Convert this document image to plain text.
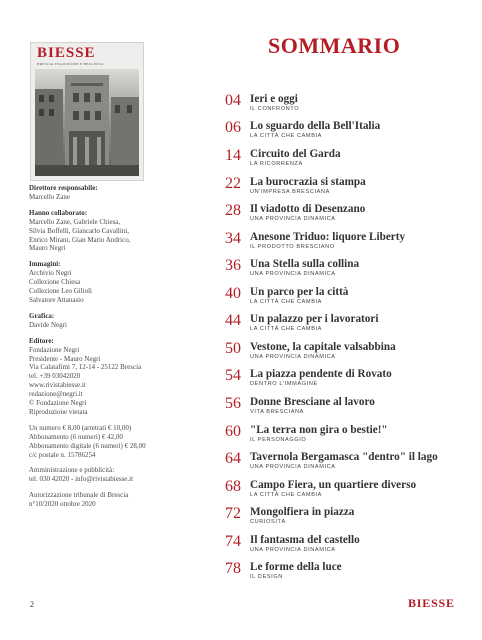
BIESSE
BRESCIA TRADIZIONE E BELLEZZA
Direttore responsabile:
Marcello Zane
Hanno collaborato:
Marcello Zane, Gabriele Chiesa,
Silvia Boffelli, Giancarlo Cavallini,
Enrico Mirani, Gian Mario Andrico,
Mauro Negri
Immagini:
Archivio Negri
Collezione Chiesa
Collezione Leo Gilioli
Salvatore Attanasio
Grafica:
Davide Negri
Editore:
Fondazione Negri
Presidente - Mauro Negri
Via Calatafimi 7, 12-14 - 25122 Brescia
tel. +39 03042020
www.rivistabiesse.it
redazione@negri.it
© Fondazione Negri
Riproduzione vietata
Un numero € 8,00 (arretrati € 10,00)
Abbonamento (6 numeri) € 42,00
Abbonamento digitale (6 numeri) € 28,00
c/c postale n. 15786254
Amministrazione e pubblicità:
tel. 030 42020 - info@rivistabiesse.it
Autorizzazione tribunale di Brescia
n°10/2020 ottobre 2020
SOMMARIO
04 Ieri e oggi
IL CONFRONTO
06 Lo sguardo della Bell'Italia
LA CITTÀ CHE CAMBIA
14 Circuito del Garda
LA RICORRENZA
22 La burocrazia si stampa
UN'IMPRESA BRESCIANA
28 Il viadotto di Desenzano
UNA PROVINCIA DINAMICA
34 Anesone Triduo: liquore Liberty
IL PRODOTTO BRESCIANO
36 Una Stella sulla collina
UNA PROVINCIA DINAMICA
40 Un parco per la città
LA CITTÀ CHE CAMBIA
44 Un palazzo per i lavoratori
LA CITTÀ CHE CAMBIA
50 Vestone, la capitale valsabbina
UNA PROVINCIA DINAMICA
54 La piazza pendente di Rovato
DENTRO L'IMMAGINE
56 Donne Bresciane al lavoro
VITA BRESCIANA
60 "La terra non gira o bestie!"
IL PERSONAGGIO
64 Tavernola Bergamasca "dentro" il lago
UNA PROVINCIA DINAMICA
68 Campo Fiera, un quartiere diverso
LA CITTÀ CHE CAMBIA
72 Mongolfiera in piazza
CURIOSITÀ
74 Il fantasma del castello
UNA PROVINCIA DINAMICA
78 Le forme della luce
IL DESIGN
2	BIESSE
